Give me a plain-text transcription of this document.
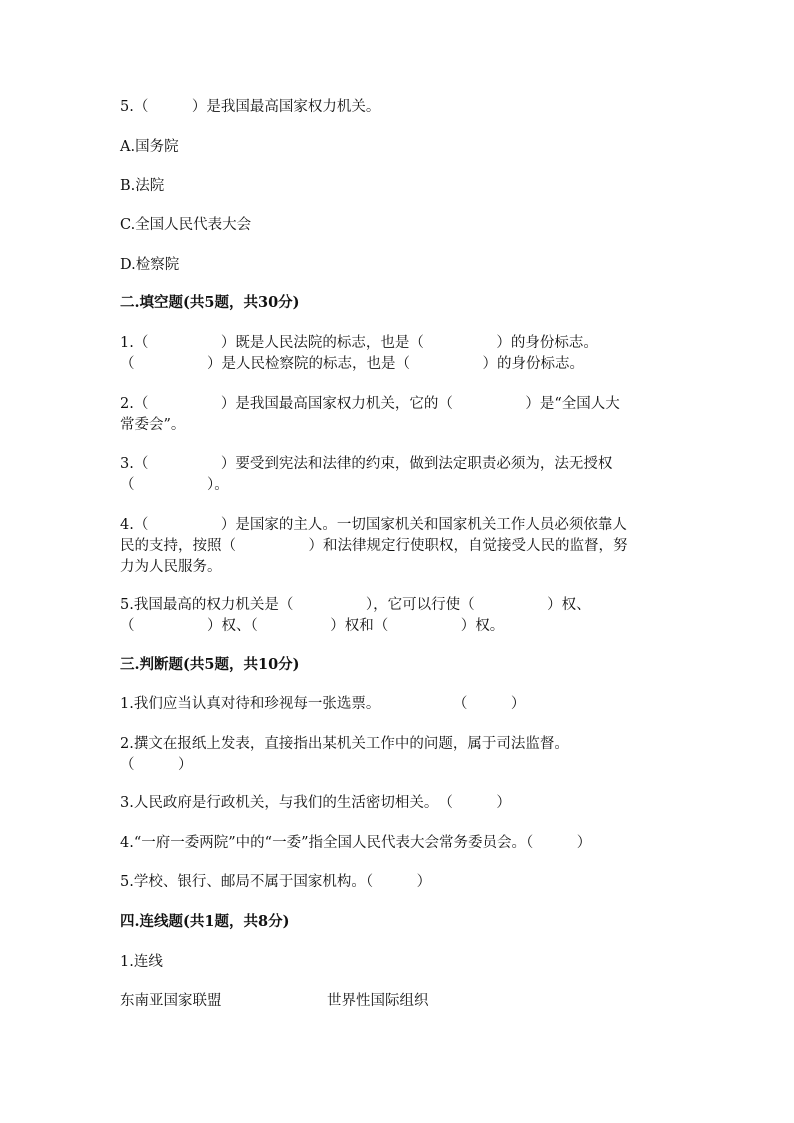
5.（　　　）是我国最高国家权力机关。
A.国务院
B.法院
C.全国人民代表大会
D.检察院
二.填空题(共5题，共30分)
1.（　　　　　）既是人民法院的标志，也是（　　　　　）的身份标志。
（　　　　　）是人民检察院的标志，也是（　　　　　）的身份标志。
2.（　　　　　）是我国最高国家权力机关，它的（　　　　　）是“全国人大
常委会”。
3.（　　　　　）要受到宪法和法律的约束，做到法定职责必须为，法无授权
（　　　　　）。
4.（　　　　　）是国家的主人。一切国家机关和国家机关工作人员必须依靠人
民的支持，按照（　　　　　）和法律规定行使职权，自觉接受人民的监督，努
力为人民服务。
5.我国最高的权力机关是（　　　　　），它可以行使（　　　　　）权、
（　　　　　）权、（　　　　　）权和（　　　　　）权。
三.判断题(共5题，共10分)
1.我们应当认真对待和珍视每一张选票。　　　　　　（　　　）
2.撰文在报纸上发表，直接指出某机关工作中的问题，属于司法监督。
（　　　）
3.人民政府是行政机关，与我们的生活密切相关。　（　　　）
4.“一府一委两院”中的“一委”指全国人民代表大会常务委员会。（　　　）
5.学校、银行、邮局不属于国家机构。（　　　）
四.连线题(共1题，共8分)
1.连线
东南亚国家联盟	世界性国际组织
